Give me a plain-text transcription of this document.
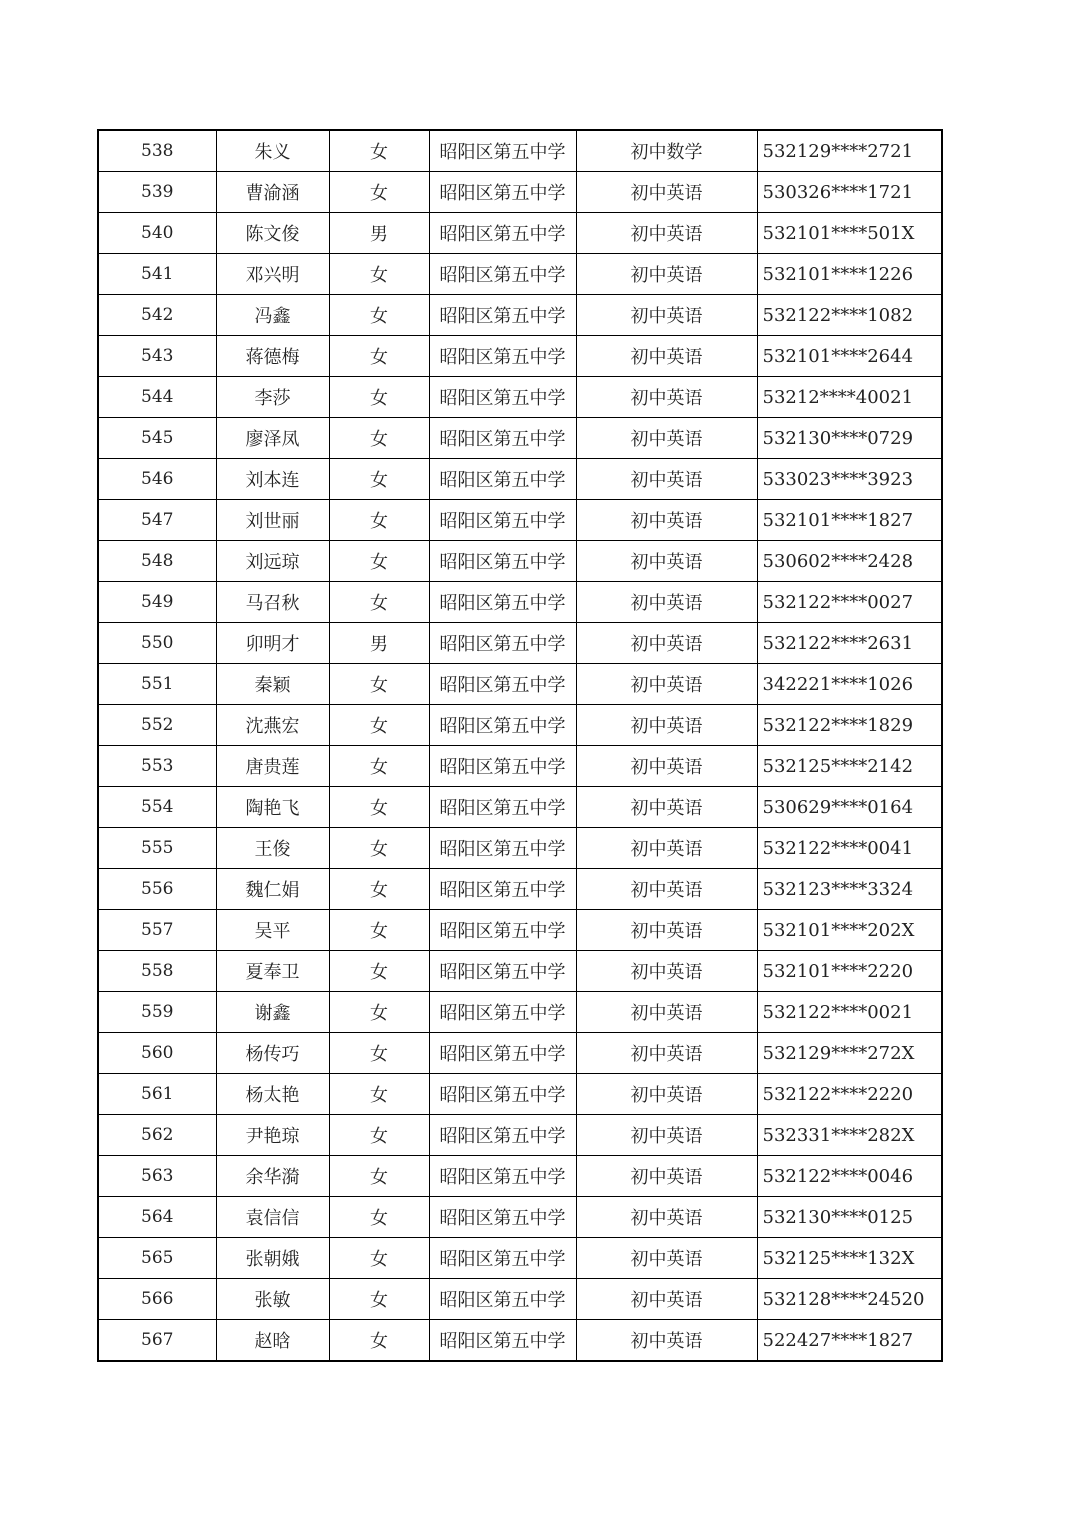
538	朱义	女	昭阳区第五中学	初中数学	532129****2721
539	曹渝涵	女	昭阳区第五中学	初中英语	530326****1721
540	陈文俊	男	昭阳区第五中学	初中英语	532101****501X
541	邓兴明	女	昭阳区第五中学	初中英语	532101****1226
542	冯鑫	女	昭阳区第五中学	初中英语	532122****1082
543	蒋德梅	女	昭阳区第五中学	初中英语	532101****2644
544	李莎	女	昭阳区第五中学	初中英语	53212****40021
545	廖泽凤	女	昭阳区第五中学	初中英语	532130****0729
546	刘本连	女	昭阳区第五中学	初中英语	533023****3923
547	刘世丽	女	昭阳区第五中学	初中英语	532101****1827
548	刘远琼	女	昭阳区第五中学	初中英语	530602****2428
549	马召秋	女	昭阳区第五中学	初中英语	532122****0027
550	卯明才	男	昭阳区第五中学	初中英语	532122****2631
551	秦颖	女	昭阳区第五中学	初中英语	342221****1026
552	沈燕宏	女	昭阳区第五中学	初中英语	532122****1829
553	唐贵莲	女	昭阳区第五中学	初中英语	532125****2142
554	陶艳飞	女	昭阳区第五中学	初中英语	530629****0164
555	王俊	女	昭阳区第五中学	初中英语	532122****0041
556	魏仁娟	女	昭阳区第五中学	初中英语	532123****3324
557	吴平	女	昭阳区第五中学	初中英语	532101****202X
558	夏奉卫	女	昭阳区第五中学	初中英语	532101****2220
559	谢鑫	女	昭阳区第五中学	初中英语	532122****0021
560	杨传巧	女	昭阳区第五中学	初中英语	532129****272X
561	杨太艳	女	昭阳区第五中学	初中英语	532122****2220
562	尹艳琼	女	昭阳区第五中学	初中英语	532331****282X
563	余华漪	女	昭阳区第五中学	初中英语	532122****0046
564	袁信信	女	昭阳区第五中学	初中英语	532130****0125
565	张朝娥	女	昭阳区第五中学	初中英语	532125****132X
566	张敏	女	昭阳区第五中学	初中英语	532128****24520
567	赵晗	女	昭阳区第五中学	初中英语	522427****1827
